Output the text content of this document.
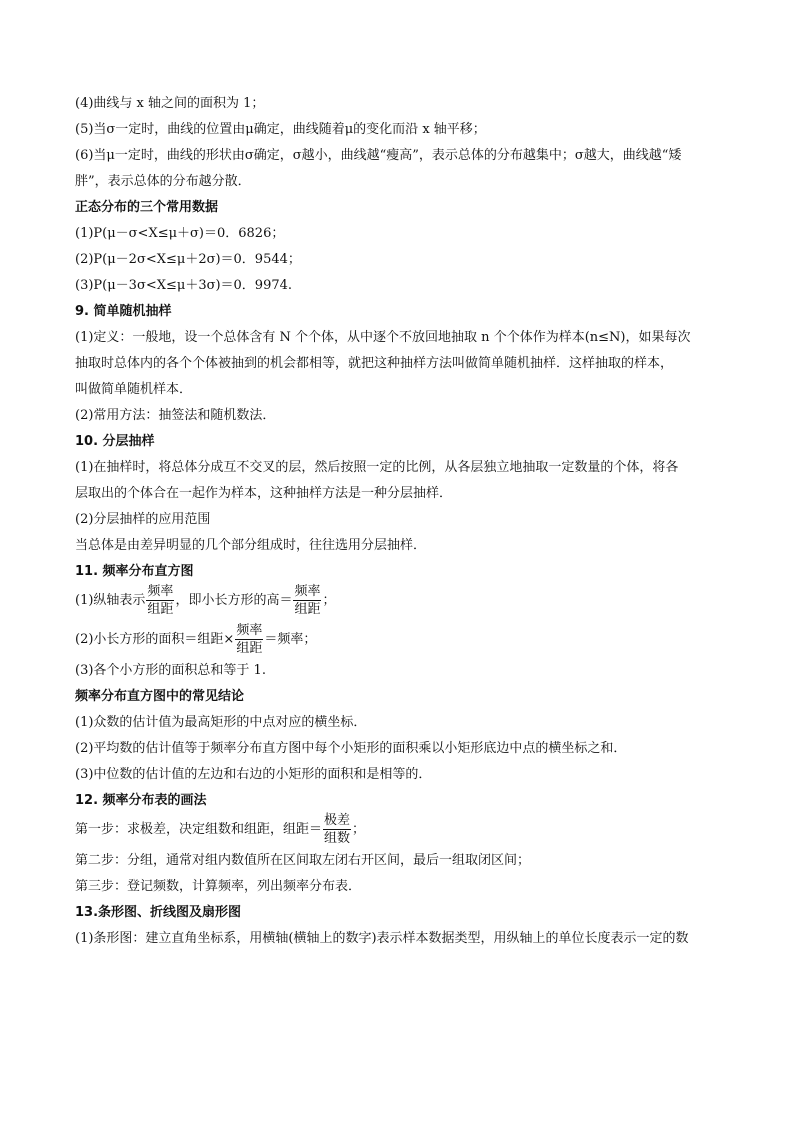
(4)曲线与 x 轴之间的面积为 1；

(5)当σ一定时，曲线的位置由μ确定，曲线随着μ的变化而沿 x 轴平移；

(6)当μ一定时，曲线的形状由σ确定，σ越小，曲线越“瘦高”，表示总体的分布越集中；σ越大，曲线越“矮

胖”，表示总体的分布越分散．

正态分布的三个常用数据

(1)P(μ－σ<X≤μ＋σ)＝0．6826；

(2)P(μ－2σ<X≤μ＋2σ)＝0．9544；

(3)P(μ－3σ<X≤μ＋3σ)＝0．9974.

9. 简单随机抽样

(1)定义：一般地，设一个总体含有 N 个个体，从中逐个不放回地抽取 n 个个体作为样本(n≤N)，如果每次

抽取时总体内的各个个体被抽到的机会都相等，就把这种抽样方法叫做简单随机抽样．这样抽取的样本，

叫做简单随机样本．

(2)常用方法：抽签法和随机数法．

10. 分层抽样

(1)在抽样时，将总体分成互不交叉的层，然后按照一定的比例，从各层独立地抽取一定数量的个体，将各

层取出的个体合在一起作为样本，这种抽样方法是一种分层抽样．

(2)分层抽样的应用范围

当总体是由差异明显的几个部分组成时，往往选用分层抽样．

11. 频率分布直方图

(1)纵轴表示 $\frac{\text{频率}}{\text{组距}}$ ，即小长方形的高＝ $\frac{\text{频率}}{\text{组距}}$ ；
(2)小长方形的面积＝组距× $\frac{\text{频率}}{\text{组距}}$ ＝频率；

(3)各个小方形的面积总和等于 1.

频率分布直方图中的常见结论

(1)众数的估计值为最高矩形的中点对应的横坐标．

(2)平均数的估计值等于频率分布直方图中每个小矩形的面积乘以小矩形底边中点的横坐标之和．

(3)中位数的估计值的左边和右边的小矩形的面积和是相等的．

12. 频率分布表的画法

第一步：求极差，决定组数和组距，组距＝ $\frac{\text{极差}}{\text{组数}}$ ；

第二步：分组，通常对组内数值所在区间取左闭右开区间，最后一组取闭区间；

第三步：登记频数，计算频率，列出频率分布表．

13.条形图、折线图及扇形图

(1)条形图：建立直角坐标系，用横轴(横轴上的数字)表示样本数据类型，用纵轴上的单位长度表示一定的数
